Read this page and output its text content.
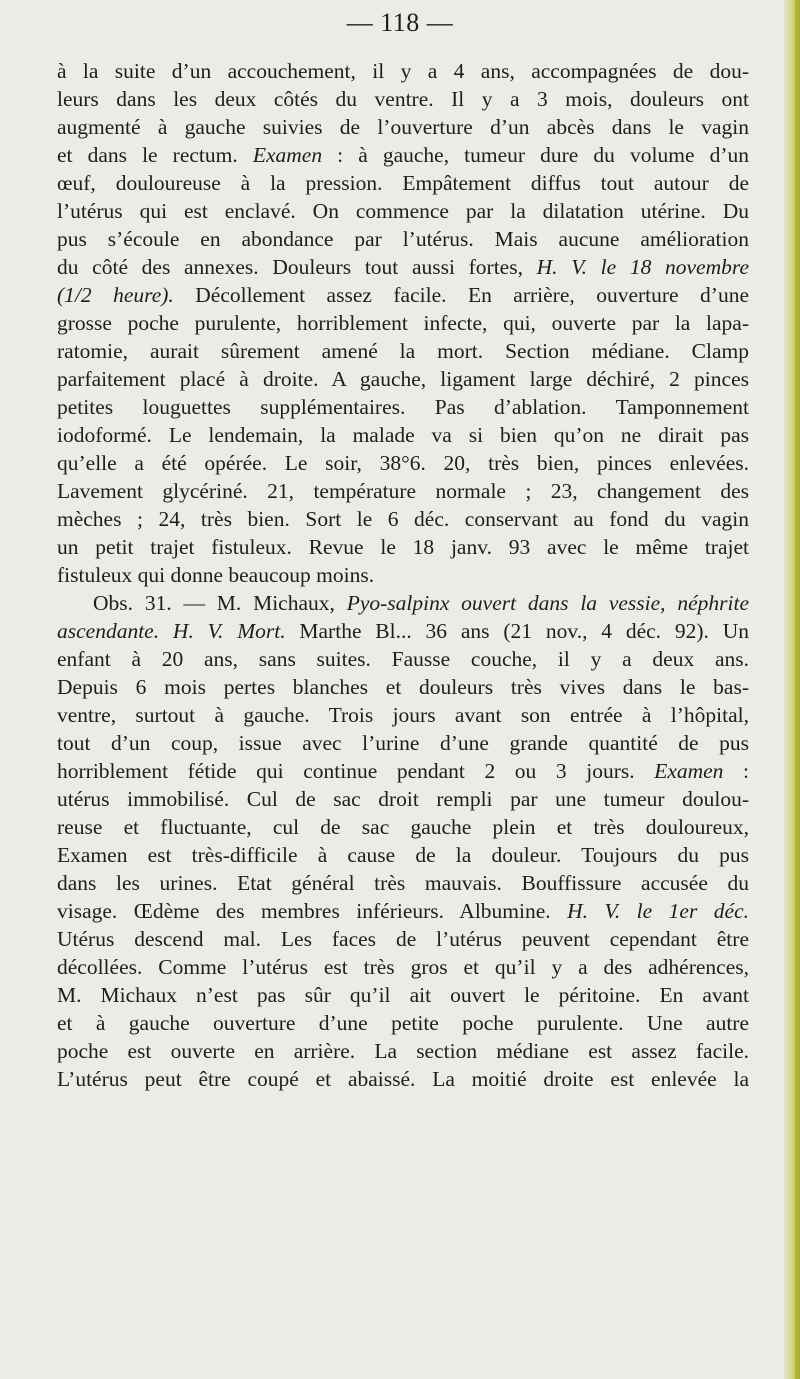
— 118 —
à la suite d’un accouchement, il y a 4 ans, accompagnées de dou-
leurs dans les deux côtés du ventre. Il y a 3 mois, douleurs ont
augmenté à gauche suivies de l’ouverture d’un abcès dans le vagin
et dans le rectum. Examen : à gauche, tumeur dure du volume d’un
œuf, douloureuse à la pression. Empâtement diffus tout autour de
l’utérus qui est enclavé. On commence par la dilatation utérine. Du
pus s’écoule en abondance par l’utérus. Mais aucune amélioration
du côté des annexes. Douleurs tout aussi fortes, H. V. le 18 novembre
(1/2 heure). Décollement assez facile. En arrière, ouverture d’une
grosse poche purulente, horriblement infecte, qui, ouverte par la lapa-
ratomie, aurait sûrement amené la mort. Section médiane. Clamp
parfaitement placé à droite. A gauche, ligament large déchiré, 2 pinces
petites louguettes supplémentaires. Pas d’ablation. Tamponnement
iodoformé. Le lendemain, la malade va si bien qu’on ne dirait pas
qu’elle a été opérée. Le soir, 38°6. 20, très bien, pinces enlevées.
Lavement glycériné. 21, température normale ; 23, changement des
mèches ; 24, très bien. Sort le 6 déc. conservant au fond du vagin
un petit trajet fistuleux. Revue le 18 janv. 93 avec le même trajet
fistuleux qui donne beaucoup moins.
Obs. 31. — M. Michaux, Pyo-salpinx ouvert dans la vessie, néphrite
ascendante. H. V. Mort. Marthe Bl... 36 ans (21 nov., 4 déc. 92). Un
enfant à 20 ans, sans suites. Fausse couche, il y a deux ans.
Depuis 6 mois pertes blanches et douleurs très vives dans le bas-
ventre, surtout à gauche. Trois jours avant son entrée à l’hôpital,
tout d’un coup, issue avec l’urine d’une grande quantité de pus
horriblement fétide qui continue pendant 2 ou 3 jours. Examen :
utérus immobilisé. Cul de sac droit rempli par une tumeur doulou-
reuse et fluctuante, cul de sac gauche plein et très douloureux,
Examen est très-difficile à cause de la douleur. Toujours du pus
dans les urines. Etat général très mauvais. Bouffissure accusée du
visage. Œdème des membres inférieurs. Albumine. H. V. le 1er déc.
Utérus descend mal. Les faces de l’utérus peuvent cependant être
décollées. Comme l’utérus est très gros et qu’il y a des adhérences,
M. Michaux n’est pas sûr qu’il ait ouvert le péritoine. En avant
et à gauche ouverture d’une petite poche purulente. Une autre
poche est ouverte en arrière. La section médiane est assez facile.
L’utérus peut être coupé et abaissé. La moitié droite est enlevée la
